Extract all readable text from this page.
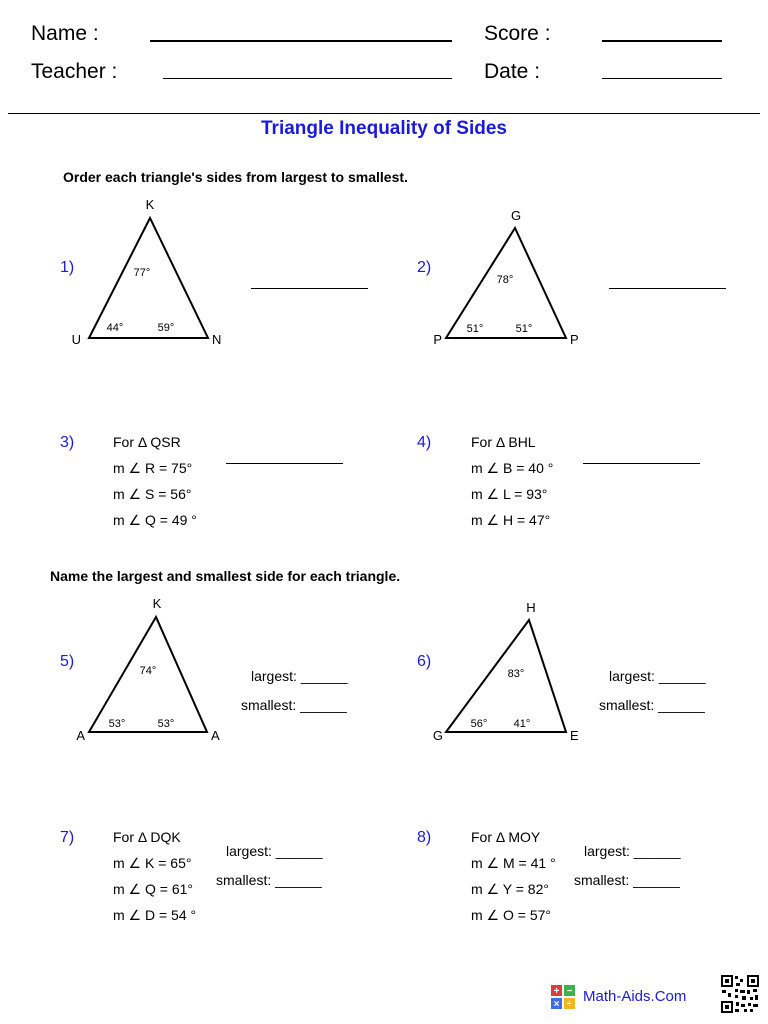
Name :
Teacher :
Score :
Date :
Triangle Inequality of Sides
Order each triangle's sides from largest to smallest.
1)
K
U	N
77°
44°	59°
2)
G
P	P
78°
51°	51°
3)	For Δ QSR
m ∠ R = 75°
m ∠ S = 56°
m ∠ Q = 49 °
4)	For Δ BHL
m ∠ B = 40 °
m ∠ L = 93°
m ∠ H = 47°
Name the largest and smallest side for each triangle.
5)
K
A	A
74°
53°	53°
largest: ______
smallest: ______
6)
H
G	E
83°
56° 41°
largest: ______
smallest: ______
7)	For Δ DQK
m ∠ K = 65°
m ∠ Q = 61°
m ∠ D = 54 °
largest: ______
smallest: ______
8)	For Δ MOY
m ∠ M = 41 °
m ∠ Y = 82°
m ∠ O = 57°
largest: ______
smallest: ______
+ −
× ÷ Math-Aids.Com
